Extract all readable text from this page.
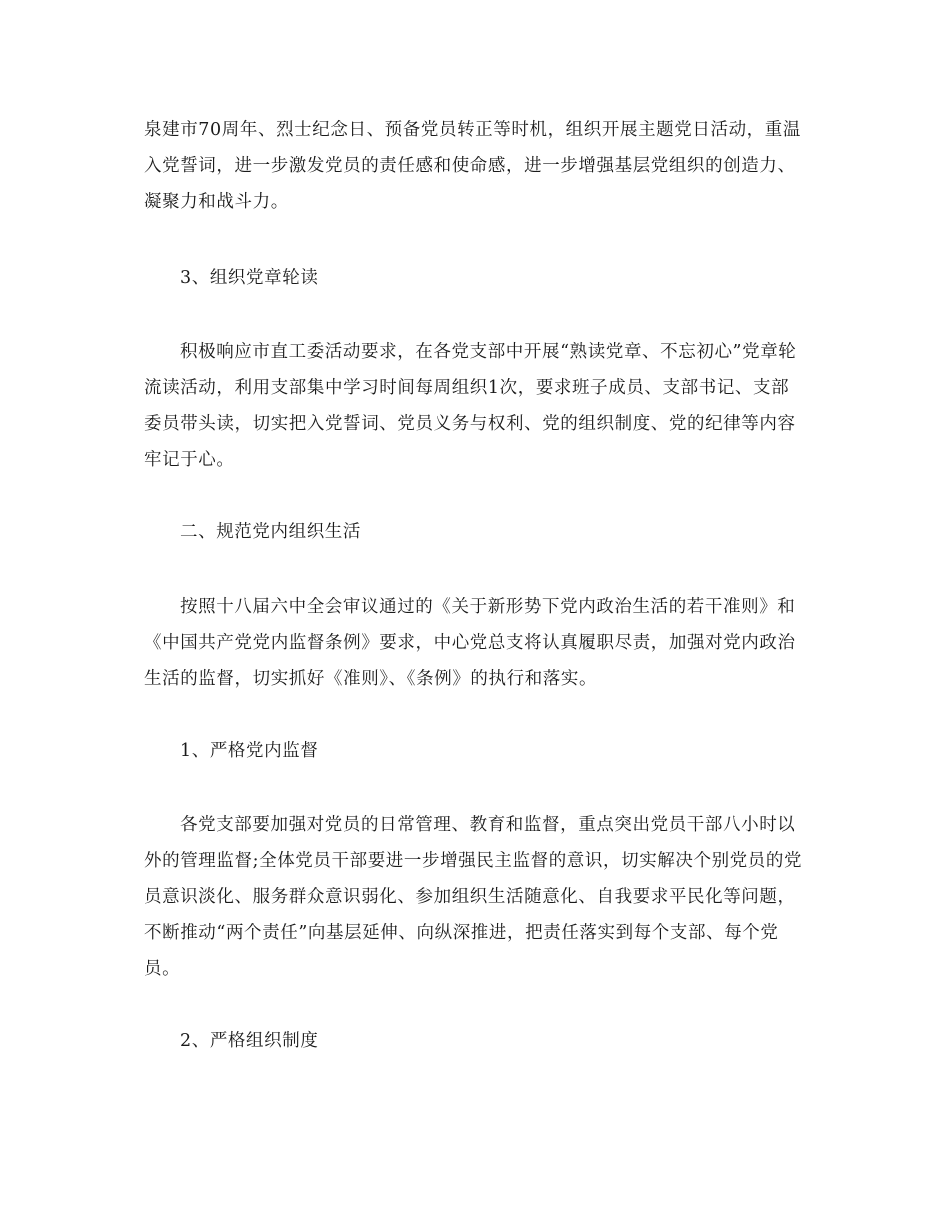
泉建市70周年、烈士纪念日、预备党员转正等时机，组织开展主题党日活动，重温入党誓词，进一步激发党员的责任感和使命感，进一步增强基层党组织的创造力、凝聚力和战斗力。

3、组织党章轮读

积极响应市直工委活动要求，在各党支部中开展“熟读党章、不忘初心”党章轮流读活动，利用支部集中学习时间每周组织1次，要求班子成员、支部书记、支部委员带头读，切实把入党誓词、党员义务与权利、党的组织制度、党的纪律等内容牢记于心。

二、规范党内组织生活

按照十八届六中全会审议通过的《关于新形势下党内政治生活的若干准则》和《中国共产党党内监督条例》要求，中心党总支将认真履职尽责，加强对党内政治生活的监督，切实抓好《准则》、《条例》的执行和落实。

1、严格党内监督

各党支部要加强对党员的日常管理、教育和监督，重点突出党员干部八小时以外的管理监督;全体党员干部要进一步增强民主监督的意识，切实解决个别党员的党员意识淡化、服务群众意识弱化、参加组织生活随意化、自我要求平民化等问题，不断推动“两个责任”向基层延伸、向纵深推进，把责任落实到每个支部、每个党员。

2、严格组织制度
